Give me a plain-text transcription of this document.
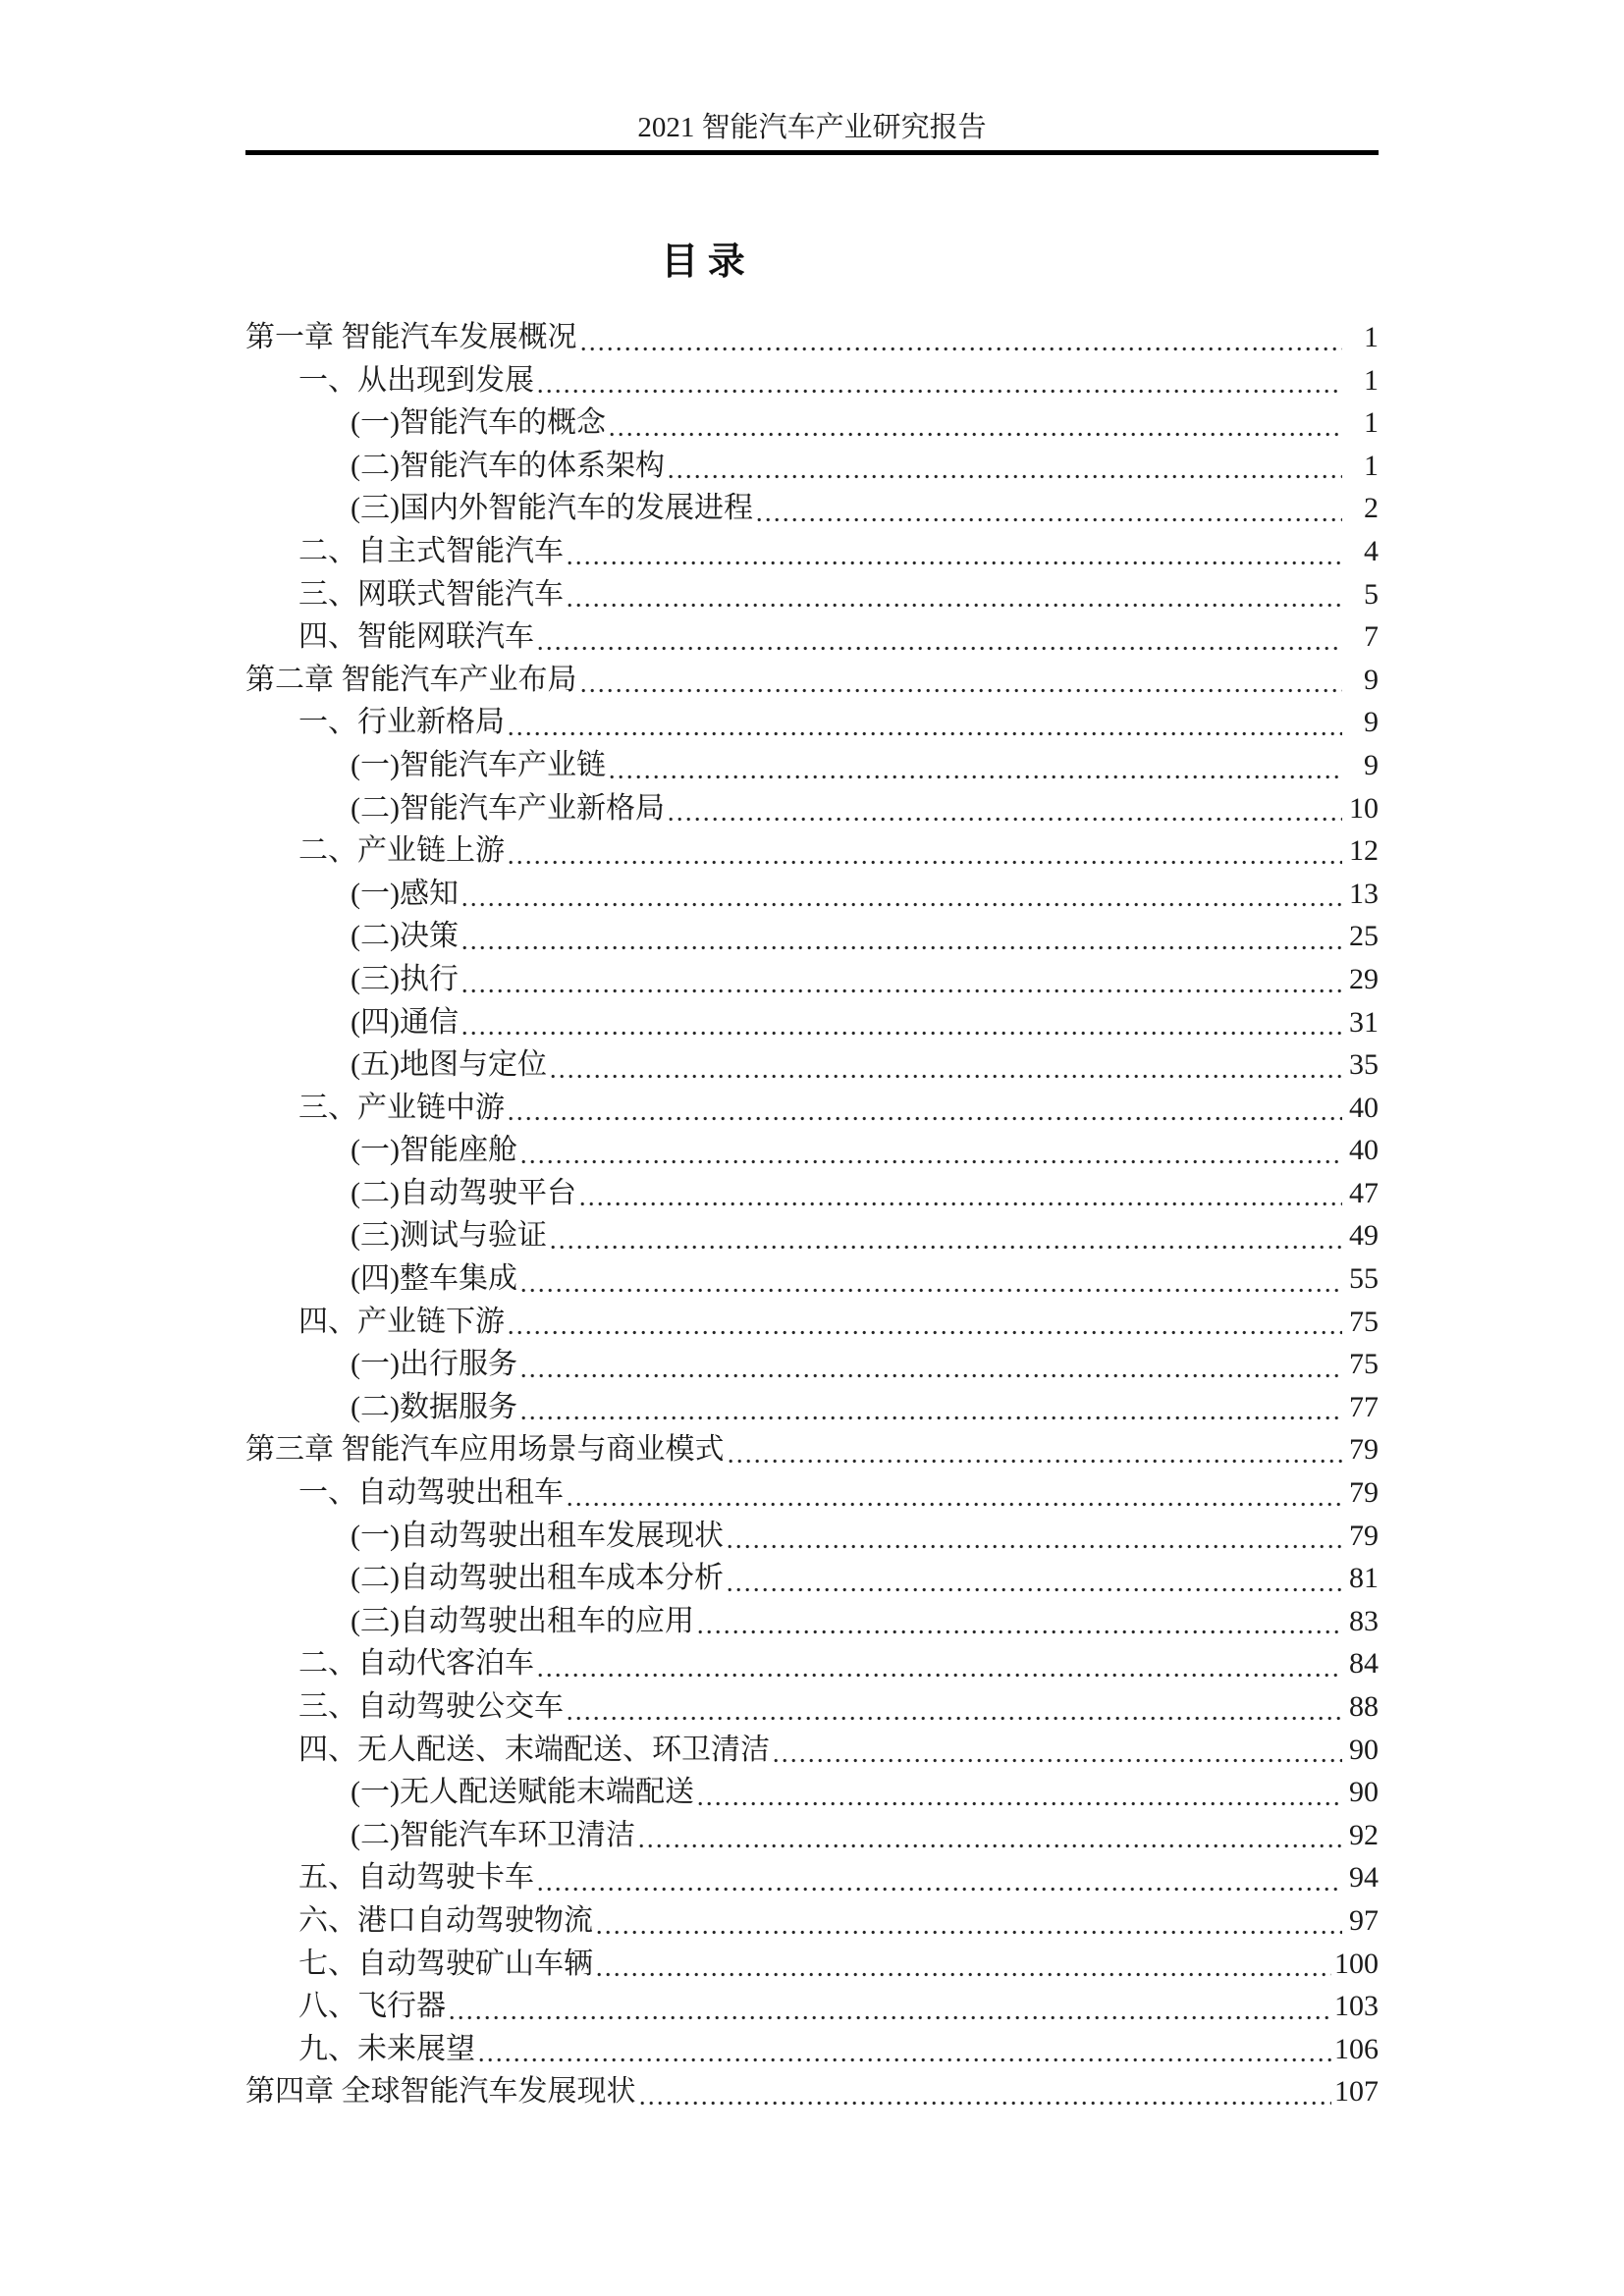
2021 智能汽车产业研究报告
目 录
第一章 智能汽车发展概况	1
一、从出现到发展	1
(一)智能汽车的概念	1
(二)智能汽车的体系架构	1
(三)国内外智能汽车的发展进程	2
二、自主式智能汽车	4
三、网联式智能汽车	5
四、智能网联汽车	7
第二章 智能汽车产业布局	9
一、行业新格局	9
(一)智能汽车产业链	9
(二)智能汽车产业新格局	10
二、产业链上游	12
(一)感知	13
(二)决策	25
(三)执行	29
(四)通信	31
(五)地图与定位	35
三、产业链中游	40
(一)智能座舱	40
(二)自动驾驶平台	47
(三)测试与验证	49
(四)整车集成	55
四、产业链下游	75
(一)出行服务	75
(二)数据服务	77
第三章 智能汽车应用场景与商业模式	79
一、自动驾驶出租车	79
(一)自动驾驶出租车发展现状	79
(二)自动驾驶出租车成本分析	81
(三)自动驾驶出租车的应用	83
二、自动代客泊车	84
三、自动驾驶公交车	88
四、无人配送、末端配送、环卫清洁	90
(一)无人配送赋能末端配送	90
(二)智能汽车环卫清洁	92
五、自动驾驶卡车	94
六、港口自动驾驶物流	97
七、自动驾驶矿山车辆	100
八、飞行器	103
九、未来展望	106
第四章 全球智能汽车发展现状	107
